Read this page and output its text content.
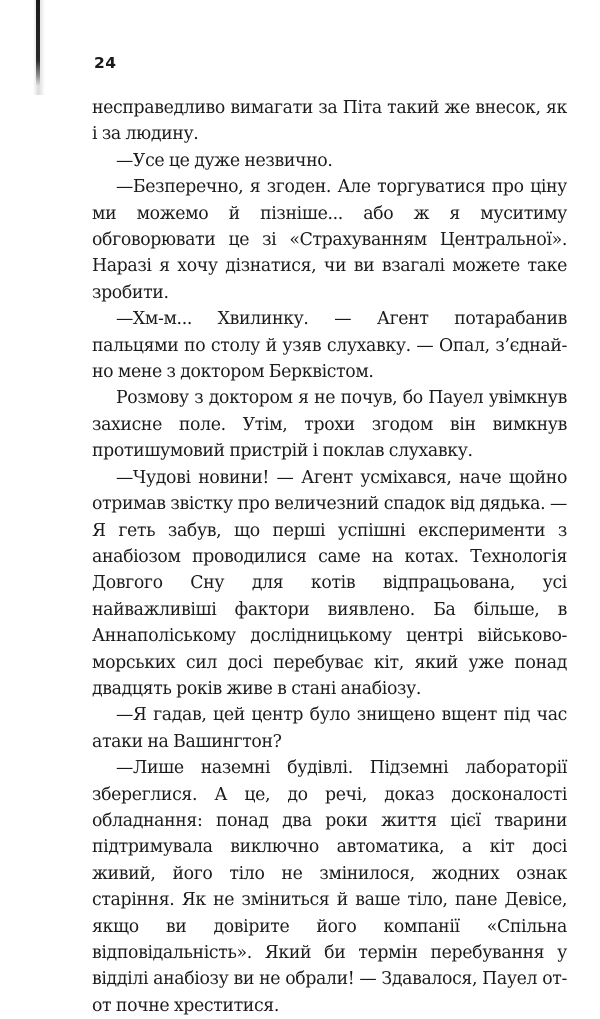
24

несправедливо вимагати за Піта такий же внесок, як і за людину.

—Усе це дуже незвично.

—Безперечно, я згоден. Але торгуватися про ціну ми можемо й пізніше... або ж я муситиму обговорювати це зі «Страхуванням Центральної». Наразі я хочу дізнатися, чи ви взагалі можете таке зробити.

—Хм-м... Хвилинку. — Агент потарабанив пальцями по столу й узяв слухавку. — Опал, з’єднай-но мене з доктором Берквістом.

Розмову з доктором я не почув, бо Пауел увімкнув захисне поле. Утім, трохи згодом він вимкнув протишумовий пристрій і поклав слухавку.

—Чудові новини! — Агент усміхався, наче щойно отримав звістку про величезний спадок від дядька. — Я геть забув, що перші успішні експерименти з анабіозом проводилися саме на котах. Технологія Довгого Сну для котів відпрацьована, усі найважливіші фактори виявлено. Ба більше, в Аннаполіському дослідницькому центрі військово-морських сил досі перебуває кіт, який уже понад двадцять років живе в стані анабіозу.

—Я гадав, цей центр було знищено вщент під час атаки на Вашингтон?

—Лише наземні будівлі. Підземні лабораторії збереглися. А це, до речі, доказ досконалості обладнання: понад два роки життя цієї тварини підтримувала виключно автоматика, а кіт досі живий, його тіло не змінилося, жодних ознак старіння. Як не зміниться й ваше тіло, пане Девісе, якщо ви довірите його компанії «Спільна відповідальність». Який би термін перебування у відділі анабіозу ви не обрали! — Здавалося, Пауел от-от почне хреститися.
